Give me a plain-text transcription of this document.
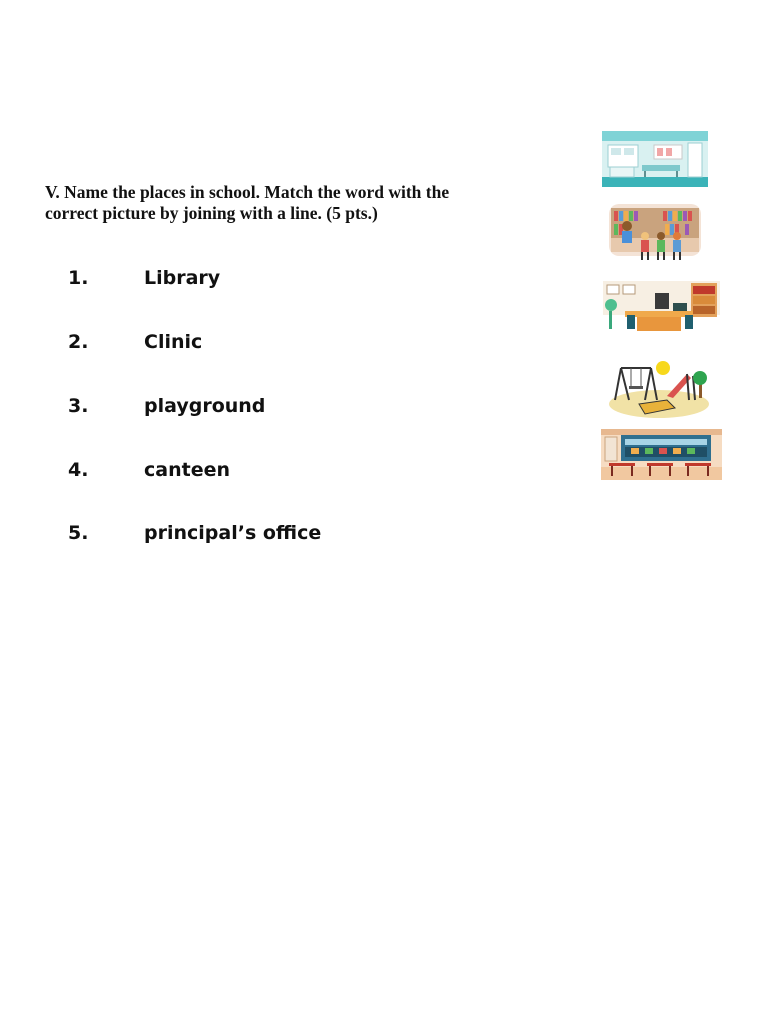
V. Name the places in school. Match the word with the
correct picture by joining with a line. (5 pts.)
1.	Library
2.	Clinic
3.	playground
4.	canteen
5.	principal’s office
